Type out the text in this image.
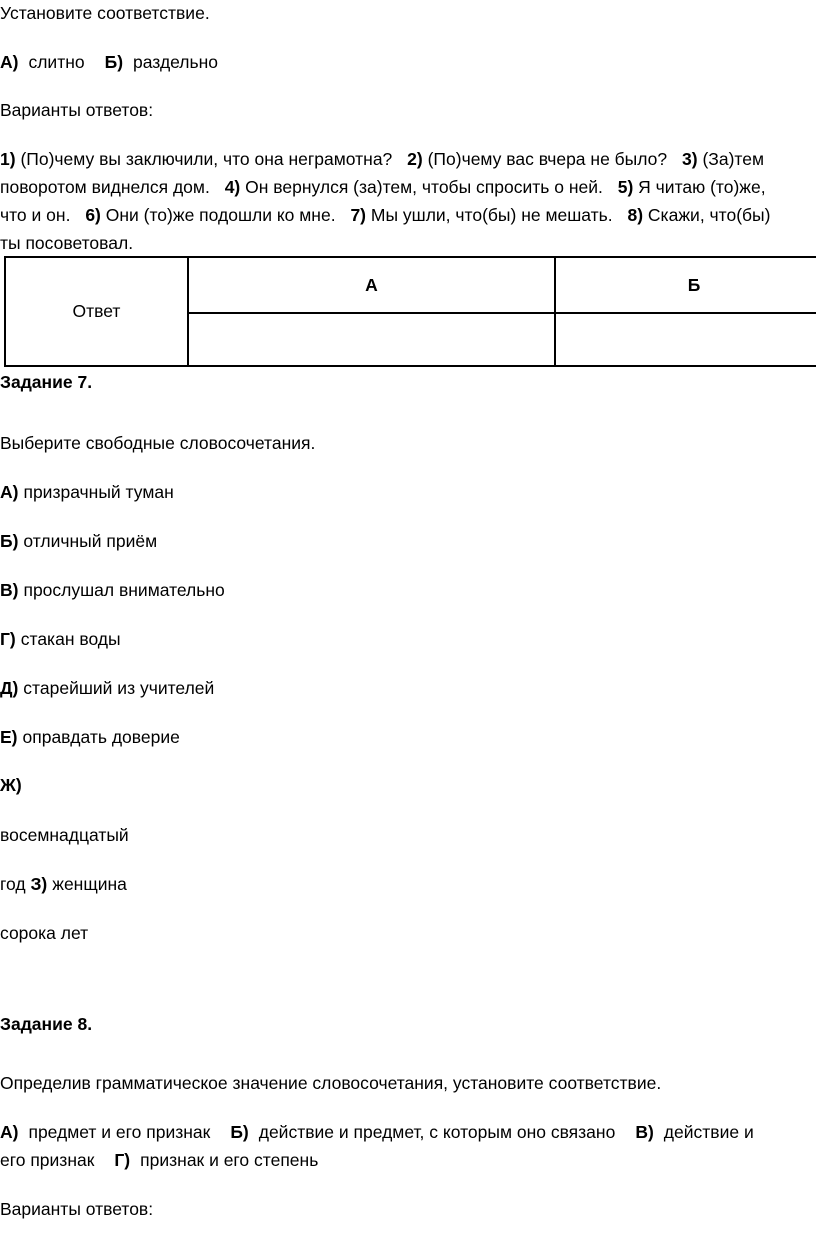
Установите соответствие.
А) слитно Б) раздельно
Варианты ответов:
1) (По)чему вы заключили, что она неграмотна? 2) (По)чему вас вчера не было? 3) (За)тем
поворотом виднелся дом. 4) Он вернулся (за)тем, чтобы спросить о ней. 5) Я читаю (то)же,
что и он. 6) Они (то)же подошли ко мне. 7) Мы ушли, что(бы) не мешать. 8) Скажи, что(бы)
ты посоветовал.
Ответ	А	Б

Задание 7.
Выберите свободные словосочетания.
А) призрачный туман
Б) отличный приём
В) прослушал внимательно
Г) стакан воды
Д) старейший из учителей
Е) оправдать доверие
Ж)
восемнадцатый
год З) женщина
сорока лет
Задание 8.
Определив грамматическое значение словосочетания, установите соответствие.
А) предмет и его признак Б) действие и предмет, с которым оно связано В) действие и
его признак Г) признак и его степень
Варианты ответов:
